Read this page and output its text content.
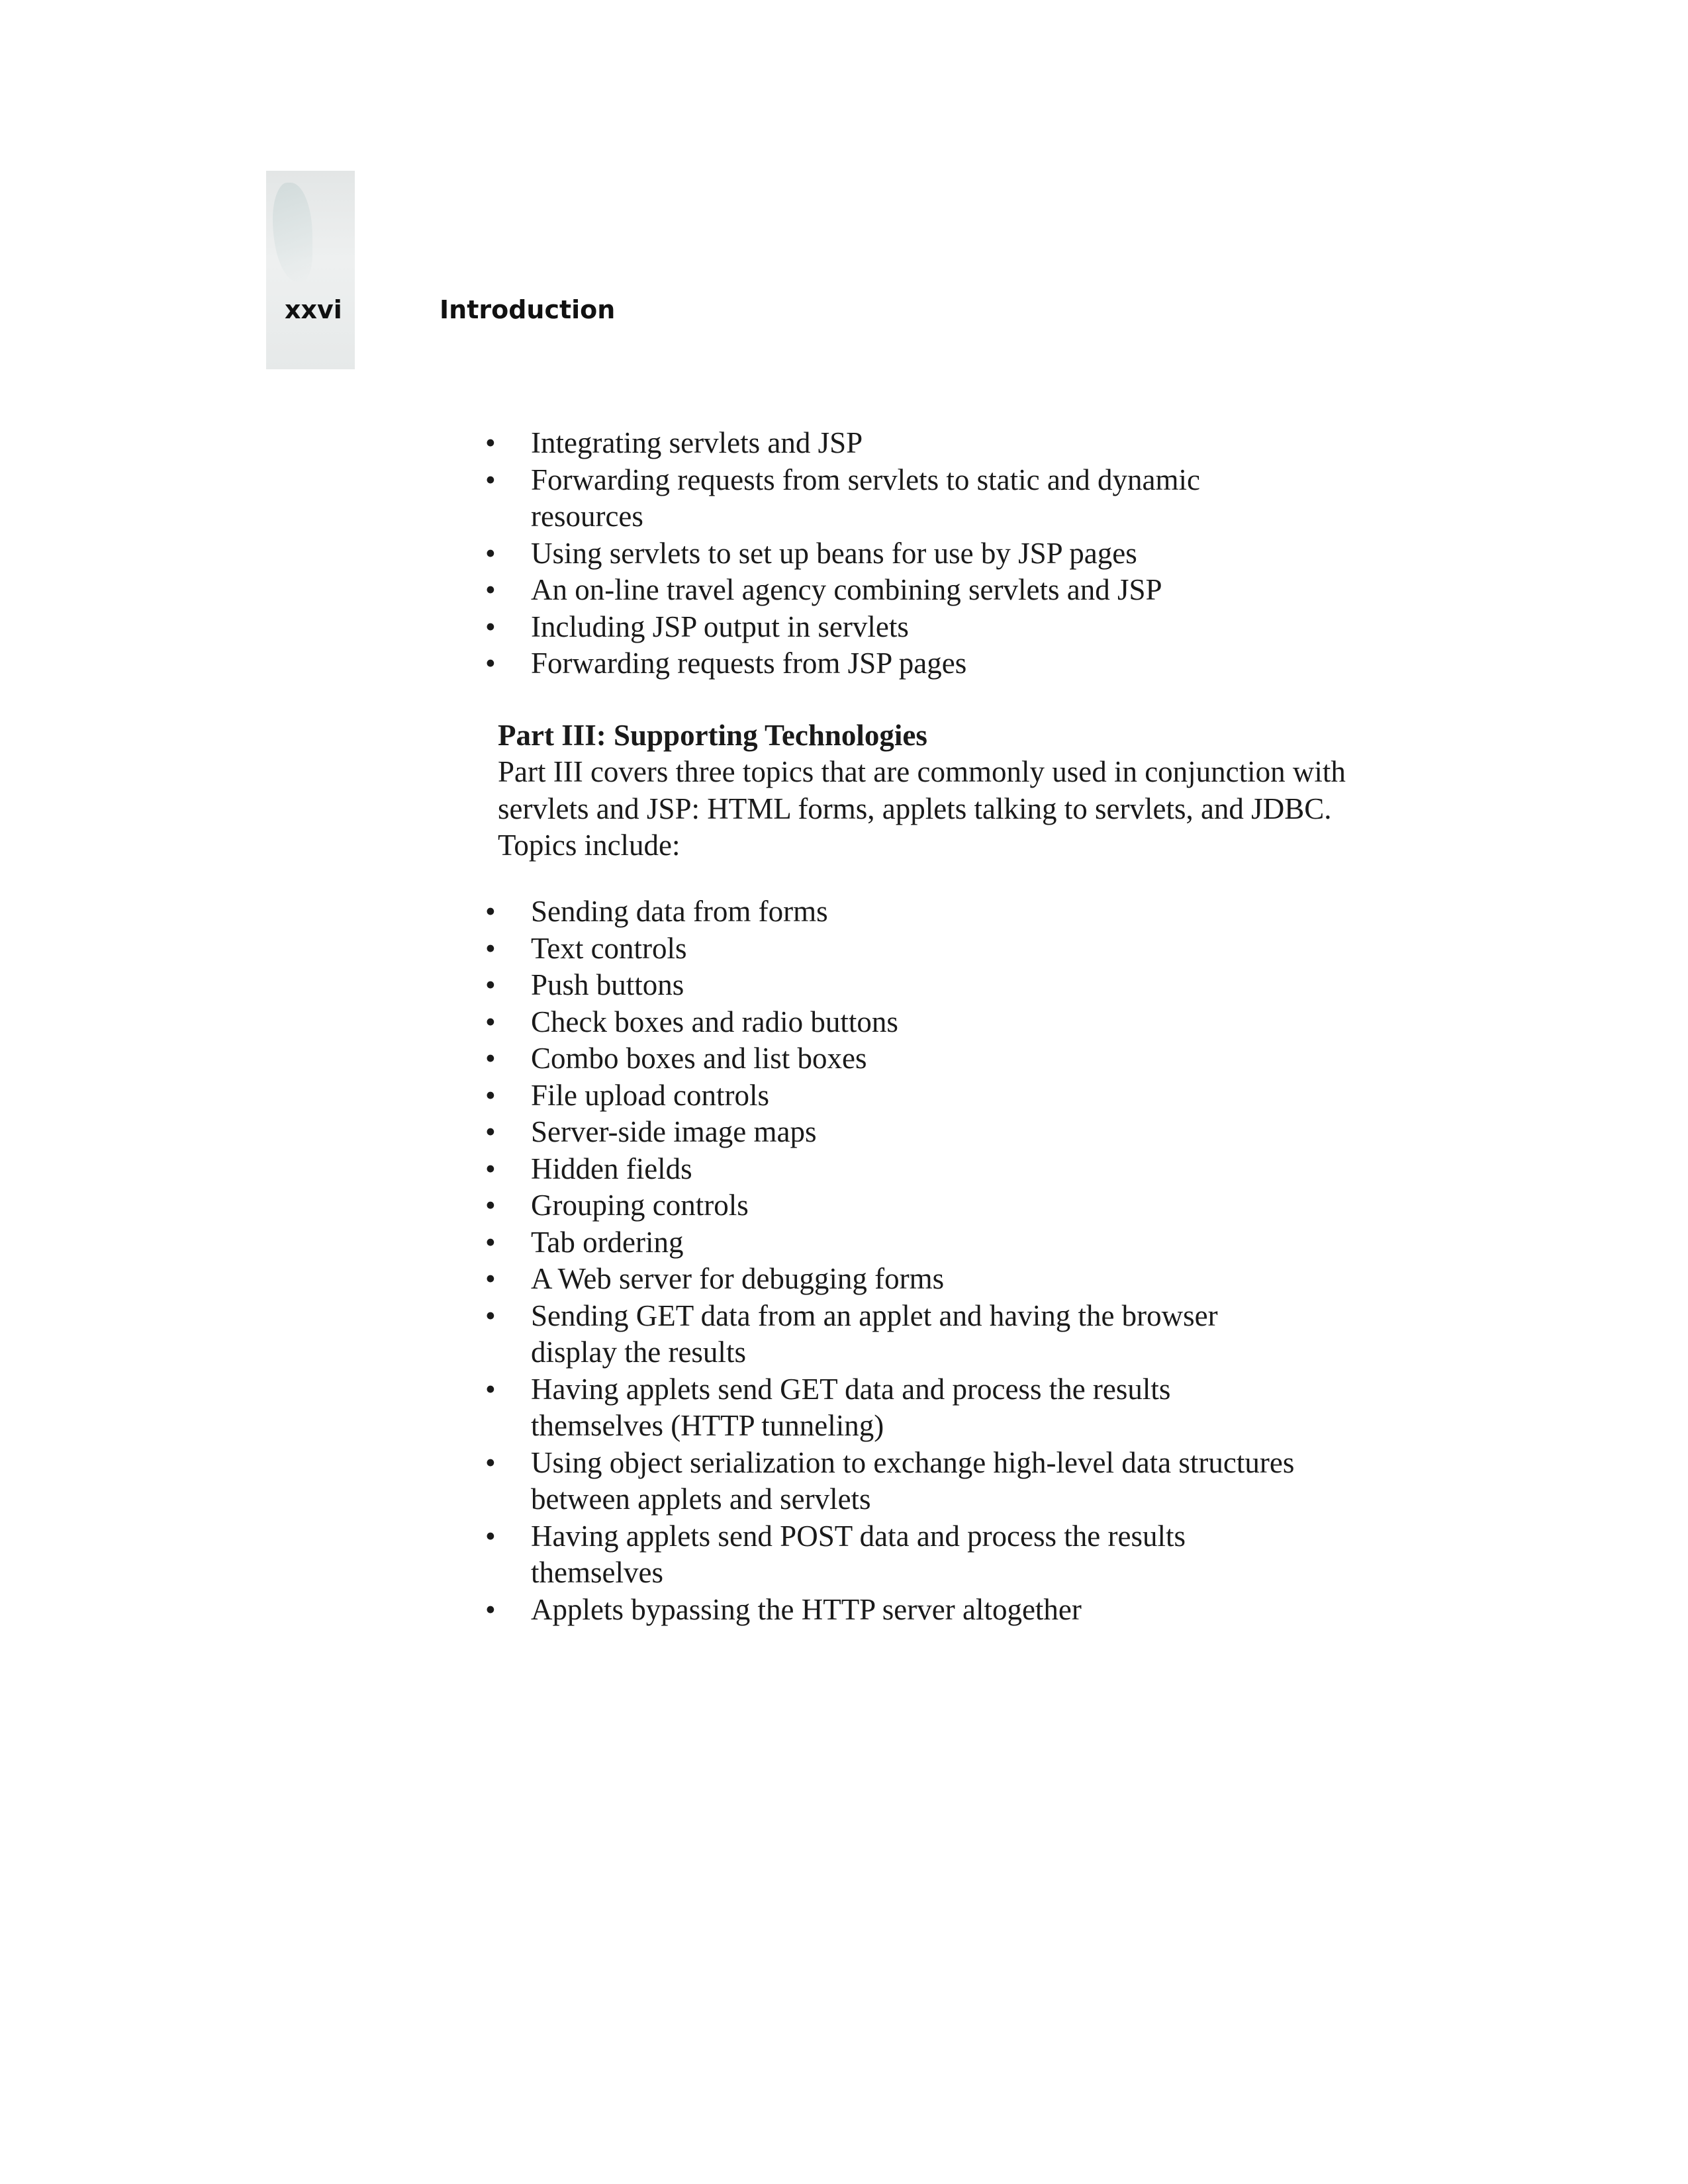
xxvi	Introduction
• Integrating servlets and JSP
• Forwarding requests from servlets to static and dynamic resources
• Using servlets to set up beans for use by JSP pages
• An on-line travel agency combining servlets and JSP
• Including JSP output in servlets
• Forwarding requests from JSP pages
Part III: Supporting Technologies

Part III covers three topics that are commonly used in conjunction with servlets and JSP: HTML forms, applets talking to servlets, and JDBC. Topics include:

• Sending data from forms
• Text controls
• Push buttons
• Check boxes and radio buttons
• Combo boxes and list boxes
• File upload controls
• Server-side image maps
• Hidden fields
• Grouping controls
• Tab ordering
• A Web server for debugging forms
• Sending GET data from an applet and having the browser display the results
• Having applets send GET data and process the results themselves (HTTP tunneling)
• Using object serialization to exchange high-level data structures between applets and servlets
• Having applets send POST data and process the results themselves
• Applets bypassing the HTTP server altogether
